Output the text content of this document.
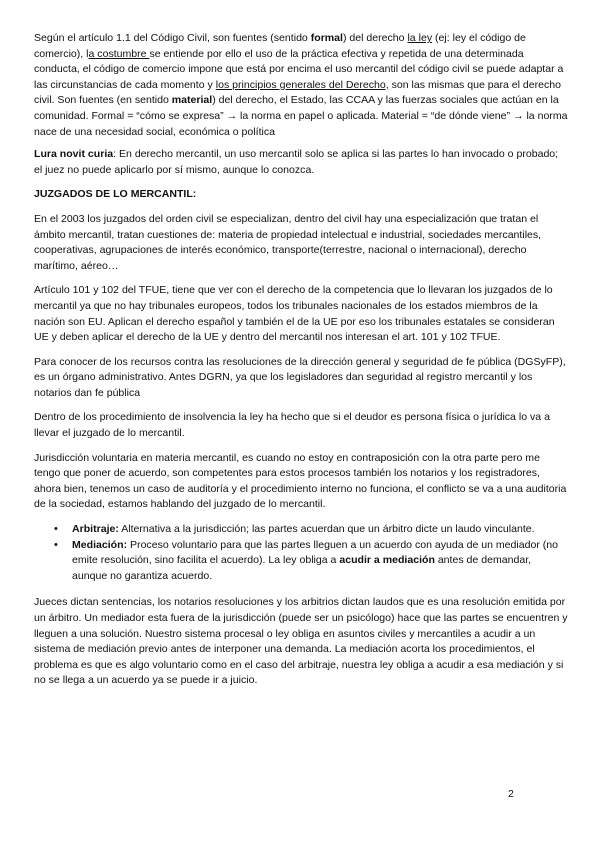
Según el artículo 1.1 del Código Civil, son fuentes (sentido formal) del derecho la ley (ej: ley el código de comercio), la costumbre se entiende por ello el uso de la práctica efectiva y repetida de una determinada conducta, el código de comercio impone que está por encima el uso mercantil del código civil se puede adaptar a las circunstancias de cada momento y los principios generales del Derecho, son las mismas que para el derecho civil. Son fuentes (en sentido material) del derecho, el Estado, las CCAA y las fuerzas sociales que actúan en la comunidad. Formal = “cómo se expresa” → la norma en papel o aplicada. Material = “de dónde viene” → la norma nace de una necesidad social, económica o política

Lura novit curia: En derecho mercantil, un uso mercantil solo se aplica si las partes lo han invocado o probado; el juez no puede aplicarlo por sí mismo, aunque lo conozca.

JUZGADOS DE LO MERCANTIL:

En el 2003 los juzgados del orden civil se especializan, dentro del civil hay una especialización que tratan el ámbito mercantil, tratan cuestiones de: materia de propiedad intelectual e industrial, sociedades mercantiles, cooperativas, agrupaciones de interés económico, transporte(terrestre, nacional o internacional), derecho marítimo, aéreo…

Artículo 101 y 102 del TFUE, tiene que ver con el derecho de la competencia que lo llevaran los juzgados de lo mercantil ya que no hay tribunales europeos, todos los tribunales nacionales de los estados miembros de la nación son EU. Aplican el derecho español y también el de la UE por eso los tribunales estatales se consideran UE y deben aplicar el derecho de la UE y dentro del mercantil nos interesan el art. 101 y 102 TFUE.

Para conocer de los recursos contra las resoluciones de la dirección general y seguridad de fe pública (DGSyFP), es un órgano administrativo. Antes DGRN, ya que los legisladores dan seguridad al registro mercantil y los notarios dan fe pública

Dentro de los procedimiento de insolvencia la ley ha hecho que si el deudor es persona física o jurídica lo va a llevar el juzgado de lo mercantil.

Jurisdicción voluntaria en materia mercantil, es cuando no estoy en contraposición con la otra parte pero me tengo que poner de acuerdo, son competentes para estos procesos también los notarios y los registradores, ahora bien, tenemos un caso de auditoría y el procedimiento interno no funciona, el conflicto se va a una auditoria de la sociedad, estamos hablando del juzgado de lo mercantil.

• Arbitraje: Alternativa a la jurisdicción; las partes acuerdan que un árbitro dicte un laudo vinculante.
• Mediación: Proceso voluntario para que las partes lleguen a un acuerdo con ayuda de un mediador (no emite resolución, sino facilita el acuerdo). La ley obliga a acudir a mediación antes de demandar, aunque no garantiza acuerdo.

Jueces dictan sentencias, los notarios resoluciones y los arbitrios dictan laudos que es una resolución emitida por un árbitro. Un mediador esta fuera de la jurisdicción (puede ser un psicólogo) hace que las partes se encuentren y lleguen a una solución. Nuestro sistema procesal o ley obliga en asuntos civiles y mercantiles a acudir a un sistema de mediación previo antes de interponer una demanda. La mediación acorta los procedimientos, el problema es que es algo voluntario como en el caso del arbitraje, nuestra ley obliga a acudir a esa mediación y si no se llega a un acuerdo ya se puede ir a juicio.

2
